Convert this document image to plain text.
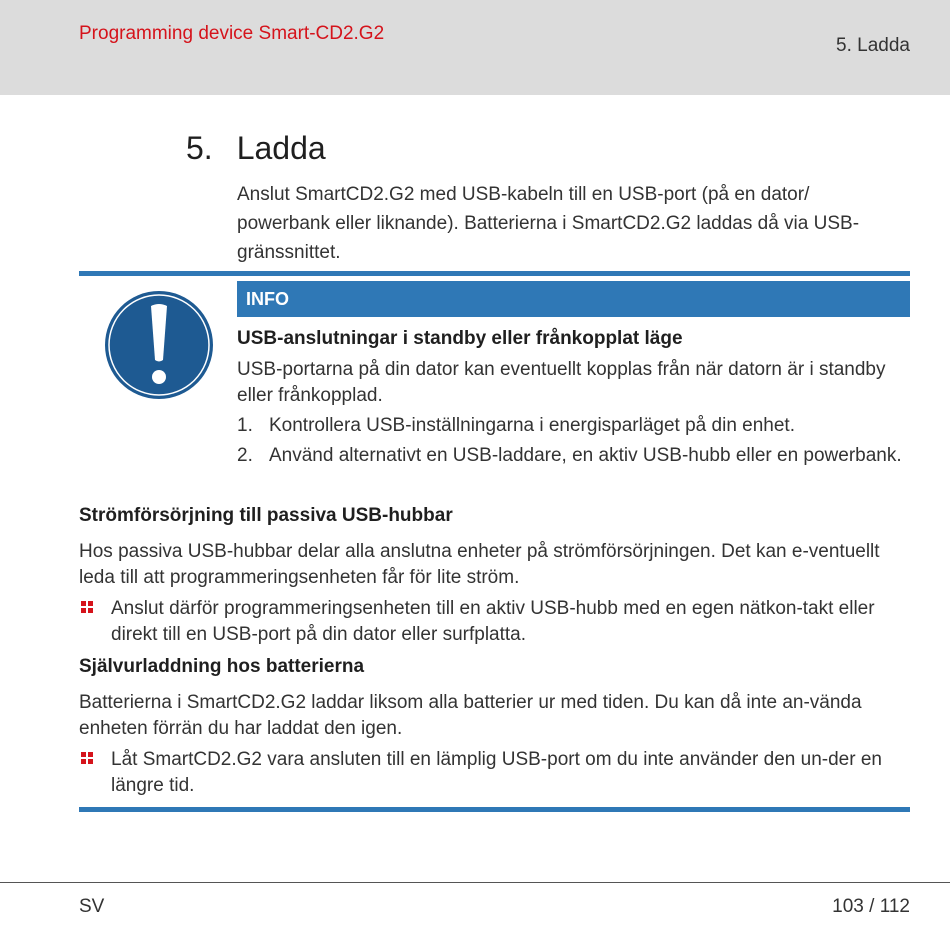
Programming device Smart-CD2.G2
5. Ladda
5. Ladda
Anslut SmartCD2.G2 med USB-kabeln till en USB-port (på en dator/ powerbank eller liknande). Batterierna i SmartCD2.G2 laddas då via USB-gränssnittet.
INFO
USB-anslutningar i standby eller frånkopplat läge
USB-portarna på din dator kan eventuellt kopplas från när datorn är i standby eller frånkopplad.
1. Kontrollera USB-inställningarna i energisparläget på din enhet.
2. Använd alternativt en USB-laddare, en aktiv USB-hubb eller en powerbank.
Strömförsörjning till passiva USB-hubbar
Hos passiva USB-hubbar delar alla anslutna enheter på strömförsörjningen. Det kan e-ventuellt leda till att programmeringsenheten får för lite ström.
Anslut därför programmeringsenheten till en aktiv USB-hubb med en egen nätkon-takt eller direkt till en USB-port på din dator eller surfplatta.
Självurladdning hos batterierna
Batterierna i SmartCD2.G2 laddar liksom alla batterier ur med tiden. Du kan då inte an-vända enheten förrän du har laddat den igen.
Låt SmartCD2.G2 vara ansluten till en lämplig USB-port om du inte använder den un-der en längre tid.
SV	103 / 112
